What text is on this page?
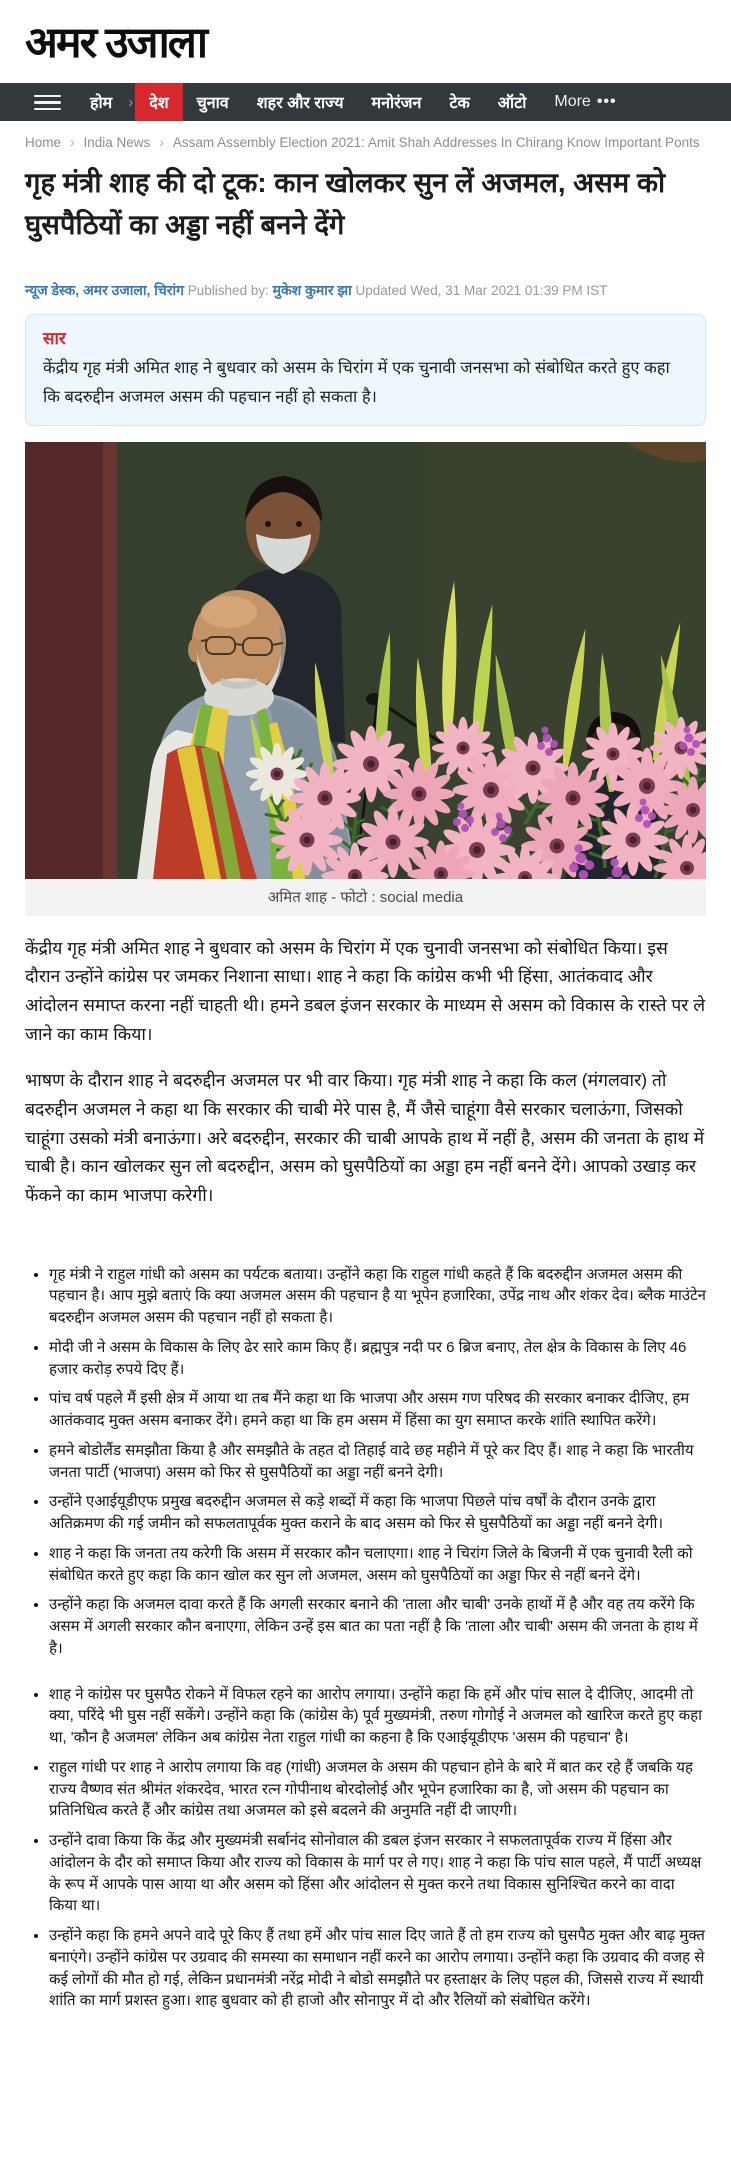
अमर उजाला
होम	›	देश	चुनाव	शहर और राज्य	मनोरंजन	टेक	ऑटो	More •••
Home › India News › Assam Assembly Election 2021: Amit Shah Addresses In Chirang Know Important Ponts
गृह मंत्री शाह की दो टूक: कान खोलकर सुन लें अजमल, असम को घुसपैठियों का अड्डा नहीं बनने देंगे
न्यूज डेस्क, अमर उजाला, चिरांग Published by: मुकेश कुमार झा Updated Wed, 31 Mar 2021 01:39 PM IST
सार
केंद्रीय गृह मंत्री अमित शाह ने बुधवार को असम के चिरांग में एक चुनावी जनसभा को संबोधित करते हुए कहा कि बदरुद्दीन अजमल असम की पहचान नहीं हो सकता है।
अमित शाह - फोटो : social media

केंद्रीय गृह मंत्री अमित शाह ने बुधवार को असम के चिरांग में एक चुनावी जनसभा को संबोधित किया। इस दौरान उन्होंने कांग्रेस पर जमकर निशाना साधा। शाह ने कहा कि कांग्रेस कभी भी हिंसा, आतंकवाद और आंदोलन समाप्त करना नहीं चाहती थी। हमने डबल इंजन सरकार के माध्यम से असम को विकास के रास्ते पर ले जाने का काम किया।

भाषण के दौरान शाह ने बदरुद्दीन अजमल पर भी वार किया। गृह मंत्री शाह ने कहा कि कल (मंगलवार) तो बदरुद्दीन अजमल ने कहा था कि सरकार की चाबी मेरे पास है, मैं जैसे चाहूंगा वैसे सरकार चलाऊंगा, जिसको चाहूंगा उसको मंत्री बनाऊंगा। अरे बदरुद्दीन, सरकार की चाबी आपके हाथ में नहीं है, असम की जनता के हाथ में चाबी है। कान खोलकर सुन लो बदरुद्दीन, असम को घुसपैठियों का अड्डा हम नहीं बनने देंगे। आपको उखाड़ कर फेंकने का काम भाजपा करेगी।

• गृह मंत्री ने राहुल गांधी को असम का पर्यटक बताया। उन्होंने कहा कि राहुल गांधी कहते हैं कि बदरुद्दीन अजमल असम की पहचान है। आप मुझे बताएं कि क्या अजमल असम की पहचान है या भूपेन हजारिका, उपेंद्र नाथ और शंकर देव। ब्लैक माउंटेन बदरुद्दीन अजमल असम की पहचान नहीं हो सकता है।
• मोदी जी ने असम के विकास के लिए ढेर सारे काम किए हैं। ब्रह्मपुत्र नदी पर 6 ब्रिज बनाए, तेल क्षेत्र के विकास के लिए 46 हजार करोड़ रुपये दिए हैं।
• पांच वर्ष पहले मैं इसी क्षेत्र में आया था तब मैंने कहा था कि भाजपा और असम गण परिषद की सरकार बनाकर दीजिए, हम आतंकवाद मुक्त असम बनाकर देंगे। हमने कहा था कि हम असम में हिंसा का युग समाप्त करके शांति स्थापित करेंगे।
• हमने बोडोलैंड समझौता किया है और समझौते के तहत दो तिहाई वादे छह महीने में पूरे कर दिए हैं। शाह ने कहा कि भारतीय जनता पार्टी (भाजपा) असम को फिर से घुसपैठियों का अड्डा नहीं बनने देगी।
• उन्होंने एआईयूडीएफ प्रमुख बदरुद्दीन अजमल से कड़े शब्दों में कहा कि भाजपा पिछले पांच वर्षों के दौरान उनके द्वारा अतिक्रमण की गई जमीन को सफलतापूर्वक मुक्त कराने के बाद असम को फिर से घुसपैठियों का अड्डा नहीं बनने देगी।
• शाह ने कहा कि जनता तय करेगी कि असम में सरकार कौन चलाएगा। शाह ने चिरांग जिले के बिजनी में एक चुनावी रैली को संबोधित करते हुए कहा कि कान खोल कर सुन लो अजमल, असम को घुसपैठियों का अड्डा फिर से नहीं बनने देंगे।
• उन्होंने कहा कि अजमल दावा करते हैं कि अगली सरकार बनाने की 'ताला और चाबी' उनके हाथों में है और वह तय करेंगे कि असम में अगली सरकार कौन बनाएगा, लेकिन उन्हें इस बात का पता नहीं है कि 'ताला और चाबी' असम की जनता के हाथ में है।
• शाह ने कांग्रेस पर घुसपैठ रोकने में विफल रहने का आरोप लगाया। उन्होंने कहा कि हमें और पांच साल दे दीजिए, आदमी तो क्या, परिंदे भी घुस नहीं सकेंगे। उन्होंने कहा कि (कांग्रेस के) पूर्व मुख्यमंत्री, तरुण गोगोई ने अजमल को खारिज करते हुए कहा था, 'कौन है अजमल' लेकिन अब कांग्रेस नेता राहुल गांधी का कहना है कि एआईयूडीएफ 'असम की पहचान' है।
• राहुल गांधी पर शाह ने आरोप लगाया कि वह (गांधी) अजमल के असम की पहचान होने के बारे में बात कर रहे हैं जबकि यह राज्य वैष्णव संत श्रीमंत शंकरदेव, भारत रत्न गोपीनाथ बोरदोलोई और भूपेन हजारिका का है, जो असम की पहचान का प्रतिनिधित्व करते हैं और कांग्रेस तथा अजमल को इसे बदलने की अनुमति नहीं दी जाएगी।
• उन्होंने दावा किया कि केंद्र और मुख्यमंत्री सर्बानंद सोनोवाल की डबल इंजन सरकार ने सफलतापूर्वक राज्य में हिंसा और आंदोलन के दौर को समाप्त किया और राज्य को विकास के मार्ग पर ले गए। शाह ने कहा कि पांच साल पहले, मैं पार्टी अध्यक्ष के रूप में आपके पास आया था और असम को हिंसा और आंदोलन से मुक्त करने तथा विकास सुनिश्चित करने का वादा किया था।
• उन्होंने कहा कि हमने अपने वादे पूरे किए हैं तथा हमें और पांच साल दिए जाते हैं तो हम राज्य को घुसपैठ मुक्त और बाढ़ मुक्त बनाएंगे। उन्होंने कांग्रेस पर उग्रवाद की समस्या का समाधान नहीं करने का आरोप लगाया। उन्होंने कहा कि उग्रवाद की वजह से कई लोगों की मौत हो गई, लेकिन प्रधानमंत्री नरेंद्र मोदी ने बोडो समझौते पर हस्ताक्षर के लिए पहल की, जिससे राज्य में स्थायी शांति का मार्ग प्रशस्त हुआ। शाह बुधवार को ही हाजो और सोनापुर में दो और रैलियों को संबोधित करेंगे।
